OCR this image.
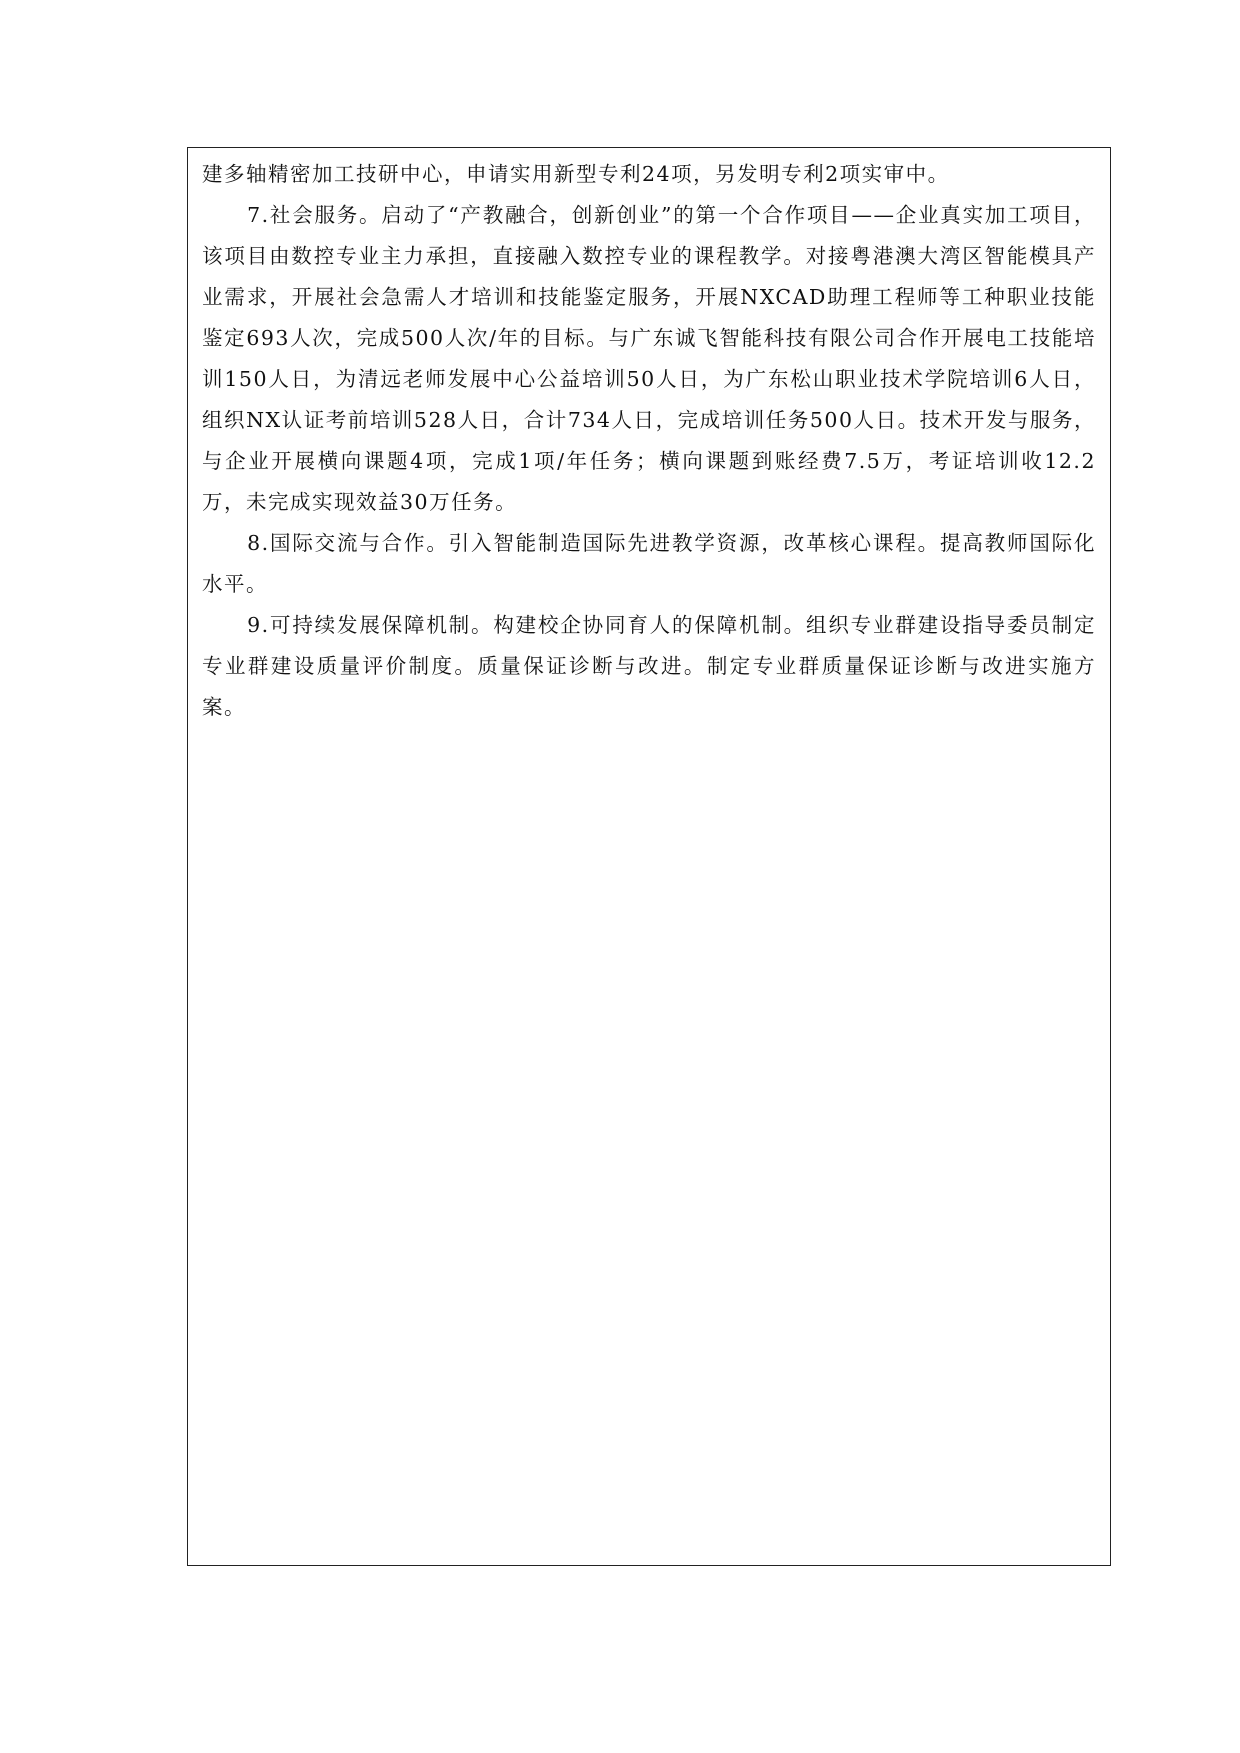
建多轴精密加工技研中心，申请实用新型专利24项，另发明专利2项实审中。

7.社会服务。启动了“产教融合，创新创业”的第一个合作项目——企业真实加工项目，该项目由数控专业主力承担，直接融入数控专业的课程教学。对接粤港澳大湾区智能模具产业需求，开展社会急需人才培训和技能鉴定服务，开展NXCAD助理工程师等工种职业技能鉴定693人次，完成500人次/年的目标。与广东诚飞智能科技有限公司合作开展电工技能培训150人日，为清远老师发展中心公益培训50人日，为广东松山职业技术学院培训6人日，组织NX认证考前培训528人日，合计734人日，完成培训任务500人日。技术开发与服务，与企业开展横向课题4项，完成1项/年任务；横向课题到账经费7.5万，考证培训收12.2万，未完成实现效益30万任务。

8.国际交流与合作。引入智能制造国际先进教学资源，改革核心课程。提高教师国际化水平。

9.可持续发展保障机制。构建校企协同育人的保障机制。组织专业群建设指导委员制定专业群建设质量评价制度。质量保证诊断与改进。制定专业群质量保证诊断与改进实施方案。
